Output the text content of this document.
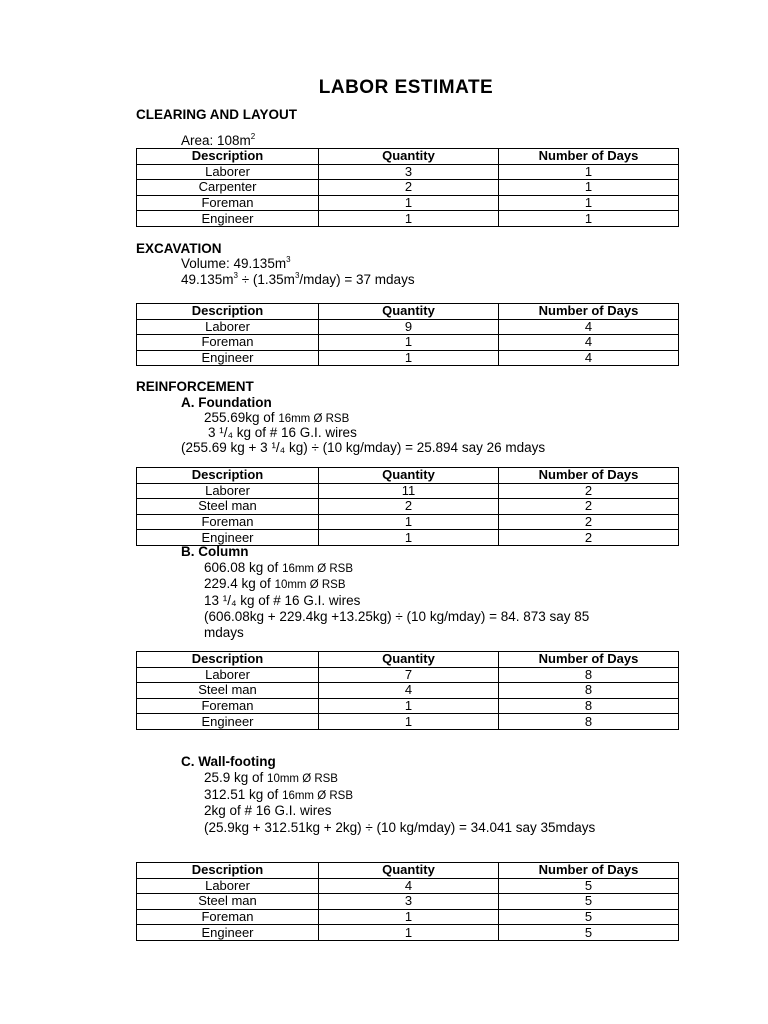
LABOR ESTIMATE
CLEARING AND LAYOUT
Area: $108m^2$
Description	Quantity	Number of Days
Laborer	3	1
Carpenter	2	1
Foreman	1	1
Engineer	1	1
EXCAVATION
Volume: $49.135m^3$
$49.135m^3$ ÷ $(1.35m^3/mday) = 37$ mdays
Description	Quantity	Number of Days
Laborer	9	4
Foreman	1	4
Engineer	1	4
REINFORCEMENT
A. Foundation
255.69kg of 16mm Ø RSB
3 ¹/₄ kg of # 16 G.I. wires
(255.69 kg + 3 ¹/₄ kg) ÷ (10 kg/mday) = 25.894 say 26 mdays
Description	Quantity	Number of Days
Laborer	11	2
Steel man	2	2
Foreman	1	2
Engineer	1	2
B. Column
606.08 kg of 16mm Ø RSB
229.4 kg of 10mm Ø RSB
13 ¹/₄ kg of # 16 G.I. wires
(606.08kg + 229.4kg +13.25kg) ÷ (10 kg/mday) = 84. 873 say 85
mdays
Description	Quantity	Number of Days
Laborer	7	8
Steel man	4	8
Foreman	1	8
Engineer	1	8
C. Wall-footing
25.9 kg of 10mm Ø RSB
312.51 kg of 16mm Ø RSB
2kg of # 16 G.I. wires
(25.9kg + 312.51kg + 2kg) ÷ (10 kg/mday) = 34.041 say 35mdays
Description	Quantity	Number of Days
Laborer	4	5
Steel man	3	5
Foreman	1	5
Engineer	1	5
